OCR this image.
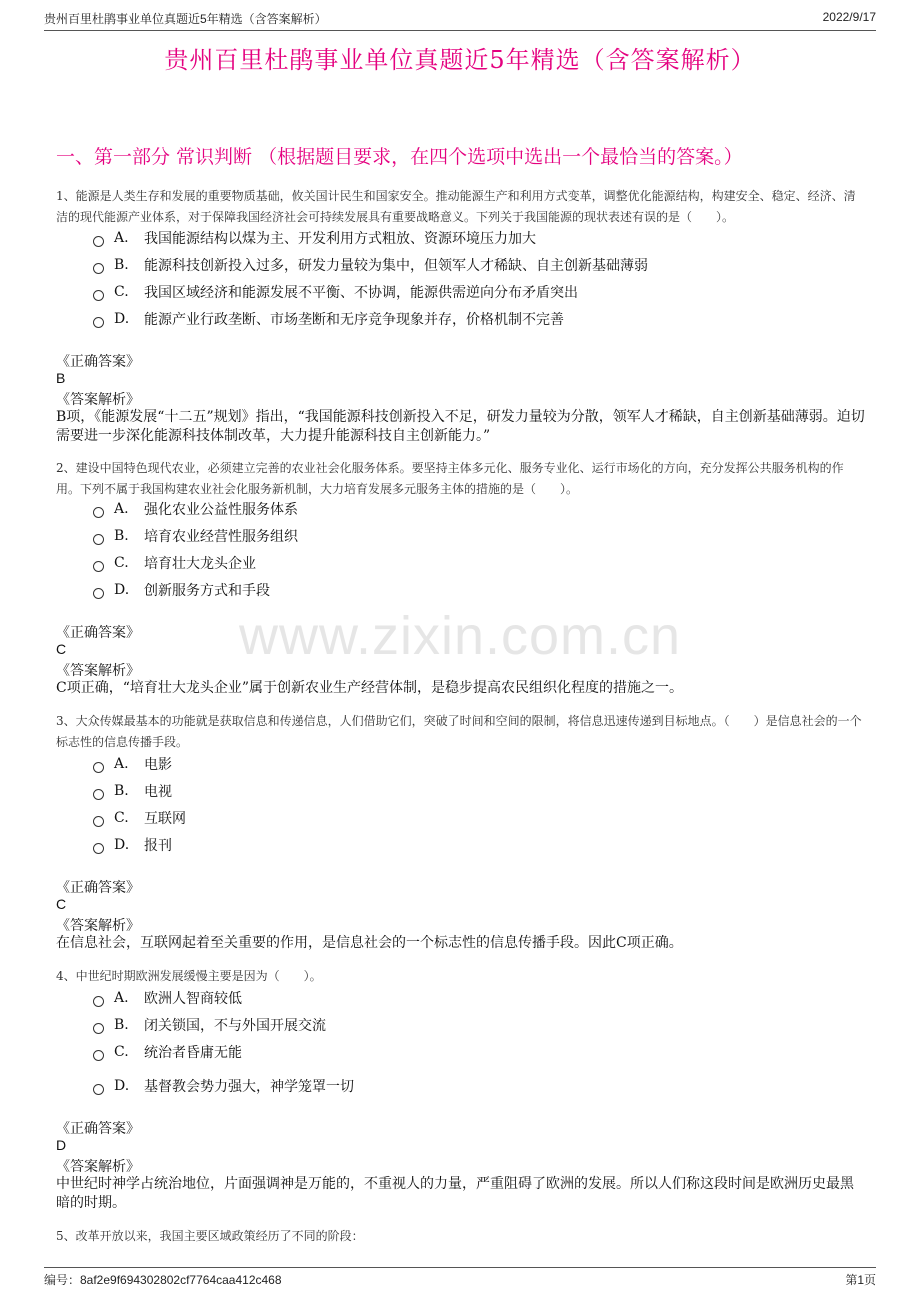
贵州百里杜鹃事业单位真题近5年精选（含答案解析）	2022/9/17
贵州百里杜鹃事业单位真题近5年精选（含答案解析）
一、第一部分 常识判断 （根据题目要求，在四个选项中选出一个最恰当的答案。）
www.zixin.com.cn
1、能源是人类生存和发展的重要物质基础，攸关国计民生和国家安全。推动能源生产和利用方式变革，调整优化能源结构，构建安全、稳定、经济、清洁的现代能源产业体系，对于保障我国经济社会可持续发展具有重要战略意义。下列关于我国能源的现状表述有误的是（　　）。
A.	我国能源结构以煤为主、开发利用方式粗放、资源环境压力加大
B.	能源科技创新投入过多，研发力量较为集中，但领军人才稀缺、自主创新基础薄弱
C.	我国区域经济和能源发展不平衡、不协调，能源供需逆向分布矛盾突出
D.	能源产业行政垄断、市场垄断和无序竞争现象并存，价格机制不完善
《正确答案》
B
《答案解析》
B项，《能源发展“十二五”规划》指出，“我国能源科技创新投入不足，研发力量较为分散，领军人才稀缺，自主创新基础薄弱。迫切需要进一步深化能源科技体制改革，大力提升能源科技自主创新能力。”
2、建设中国特色现代农业，必须建立完善的农业社会化服务体系。要坚持主体多元化、服务专业化、运行市场化的方向，充分发挥公共服务机构的作用。下列不属于我国构建农业社会化服务新机制，大力培育发展多元服务主体的措施的是（　　）。
A.	强化农业公益性服务体系
B.	培育农业经营性服务组织
C.	培育壮大龙头企业
D.	创新服务方式和手段
《正确答案》
C
《答案解析》
C项正确，“培育壮大龙头企业”属于创新农业生产经营体制，是稳步提高农民组织化程度的措施之一。
3、大众传媒最基本的功能就是获取信息和传递信息，人们借助它们，突破了时间和空间的限制，将信息迅速传递到目标地点。（　　）是信息社会的一个标志性的信息传播手段。
A.	电影
B.	电视
C.	互联网
D.	报刊
《正确答案》
C
《答案解析》
在信息社会，互联网起着至关重要的作用，是信息社会的一个标志性的信息传播手段。因此C项正确。
4、中世纪时期欧洲发展缓慢主要是因为（　　）。
A.	欧洲人智商较低
B.	闭关锁国，不与外国开展交流
C.	统治者昏庸无能
D.	基督教会势力强大，神学笼罩一切
《正确答案》
D
《答案解析》
中世纪时神学占统治地位，片面强调神是万能的，不重视人的力量，严重阻碍了欧洲的发展。所以人们称这段时间是欧洲历史最黑暗的时期。
5、改革开放以来，我国主要区域政策经历了不同的阶段：
编号：8af2e9f694302802cf7764caa412c468	第1页
